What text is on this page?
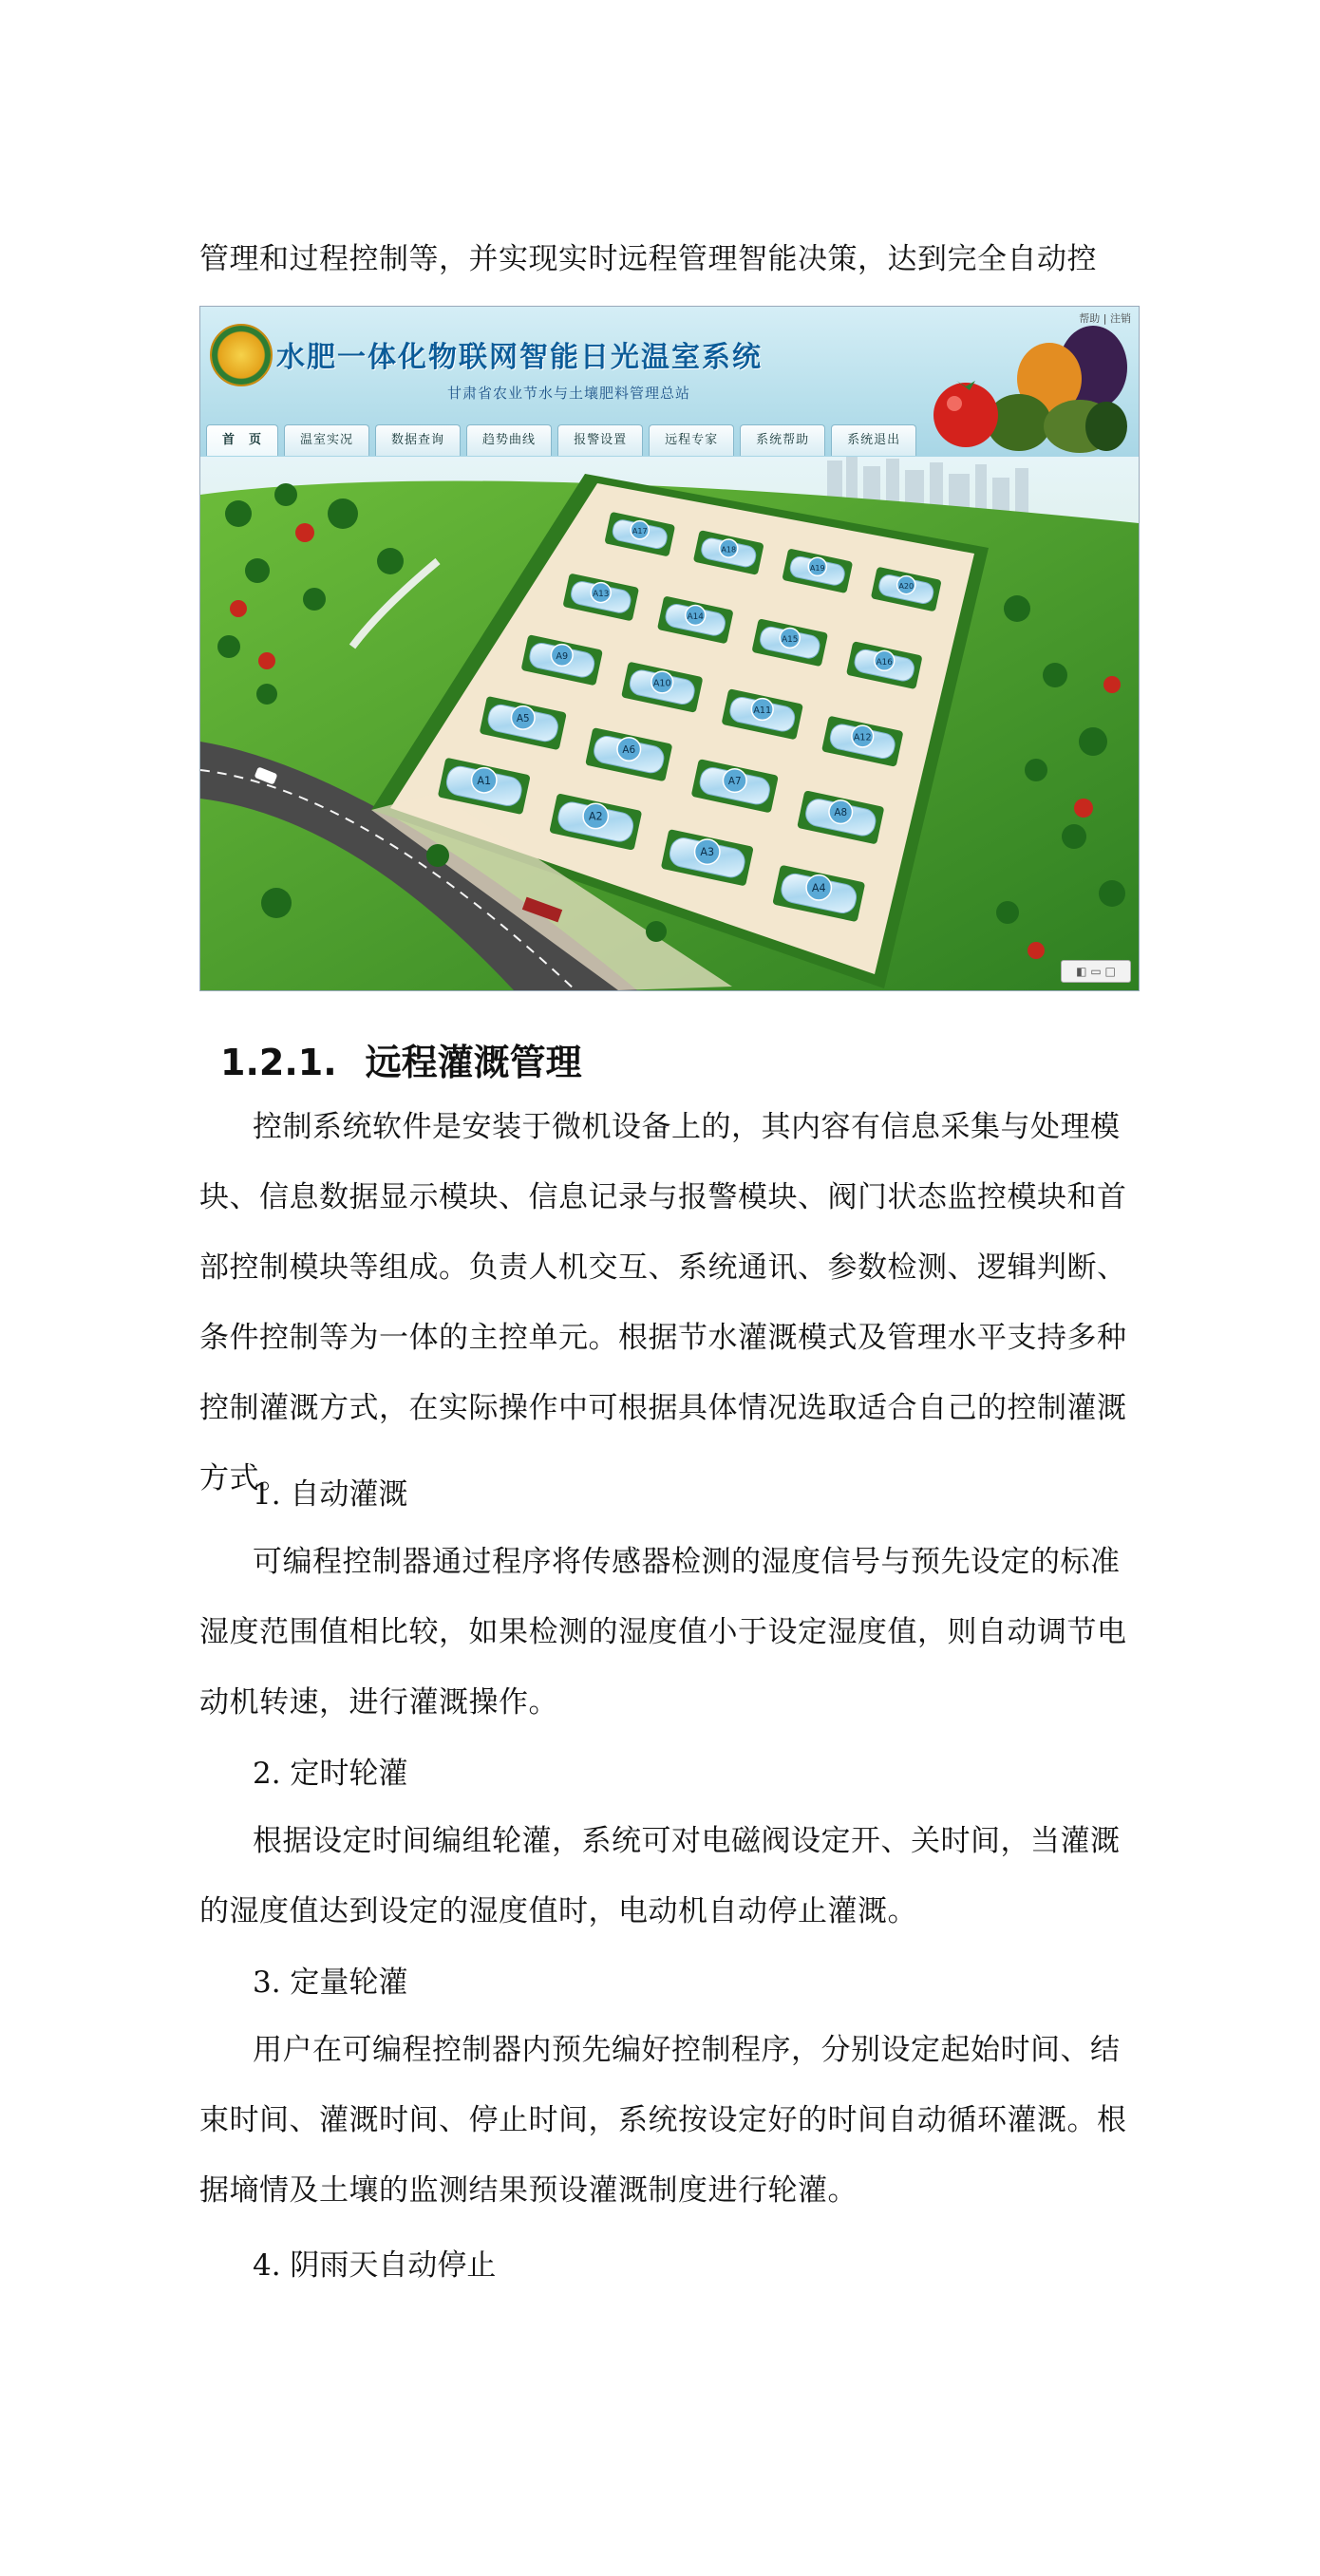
管理和过程控制等，并实现实时远程管理智能决策，达到完全自动控

水肥一体化物联网智能日光温室系统
甘肃省农业节水与土壤肥料管理总站
帮助 | 注销
首　页	温室实况	数据查询	趋势曲线	报警设置	远程专家	系统帮助	系统退出
A1
A2
A3
A4
A5
A6
A7
A8
A9
A10
A11
A12
A13
A14
A15
A16
A17
A18
A19
A20
◧ ▭ □
1.2.1. 远程灌溉管理

控制系统软件是安装于微机设备上的，其内容有信息采集与处理模块、信息数据显示模块、信息记录与报警模块、阀门状态监控模块和首部控制模块等组成。负责人机交互、系统通讯、参数检测、逻辑判断、条件控制等为一体的主控单元。根据节水灌溉模式及管理水平支持多种控制灌溉方式，在实际操作中可根据具体情况选取适合自己的控制灌溉方式。

1. 自动灌溉

可编程控制器通过程序将传感器检测的湿度信号与预先设定的标准湿度范围值相比较，如果检测的湿度值小于设定湿度值，则自动调节电动机转速，进行灌溉操作。

2. 定时轮灌

根据设定时间编组轮灌，系统可对电磁阀设定开、关时间，当灌溉的湿度值达到设定的湿度值时，电动机自动停止灌溉。

3. 定量轮灌

用户在可编程控制器内预先编好控制程序，分别设定起始时间、结束时间、灌溉时间、停止时间，系统按设定好的时间自动循环灌溉。根据墒情及土壤的监测结果预设灌溉制度进行轮灌。

4. 阴雨天自动停止
